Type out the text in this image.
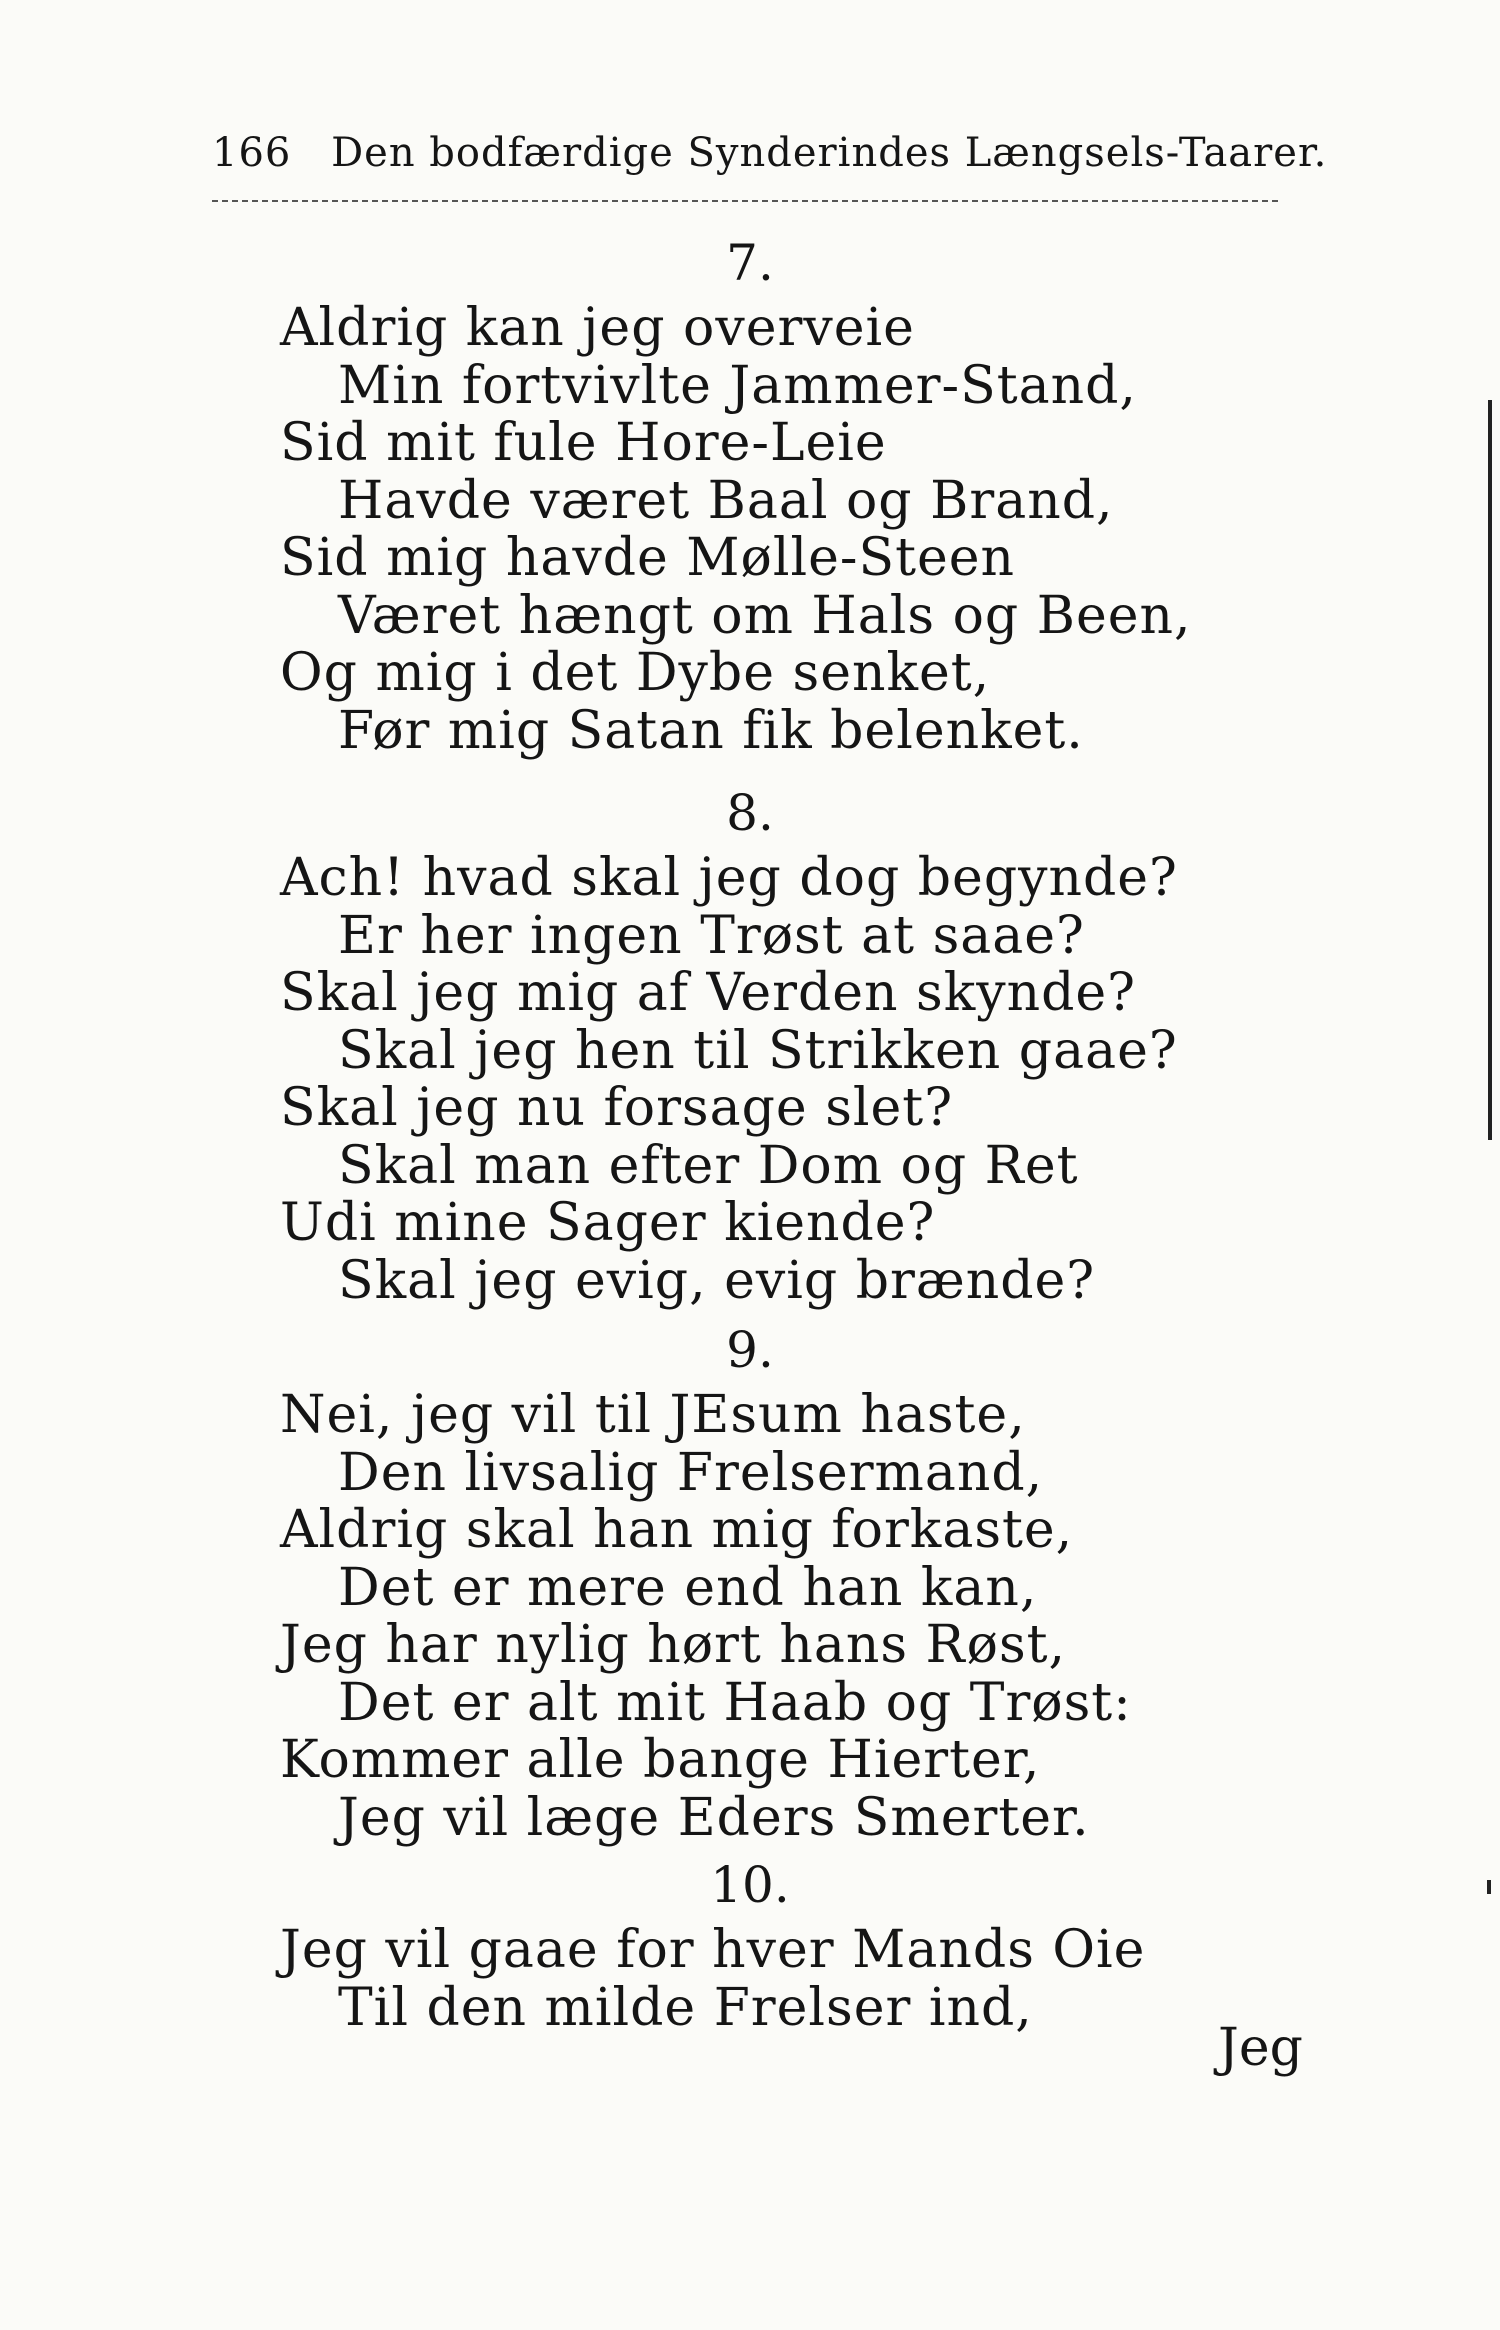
166 Den bodfærdige Synderindes Længsels-Taarer.
7.
Aldrig kan jeg overveie
Min fortvivlte Jammer-Stand,
Sid mit fule Hore-Leie
Havde været Baal og Brand,
Sid mig havde Mølle-Steen
Været hængt om Hals og Been,
Og mig i det Dybe senket,
Før mig Satan fik belenket.
8.
Ach! hvad skal jeg dog begynde?
Er her ingen Trøst at saae?
Skal jeg mig af Verden skynde?
Skal jeg hen til Strikken gaae?
Skal jeg nu forsage slet?
Skal man efter Dom og Ret
Udi mine Sager kiende?
Skal jeg evig, evig brænde?
9.
Nei, jeg vil til JEsum haste,
Den livsalig Frelsermand,
Aldrig skal han mig forkaste,
Det er mere end han kan,
Jeg har nylig hørt hans Røst,
Det er alt mit Haab og Trøst:
Kommer alle bange Hierter,
Jeg vil læge Eders Smerter.
10.
Jeg vil gaae for hver Mands Oie
Til den milde Frelser ind,
Jeg
